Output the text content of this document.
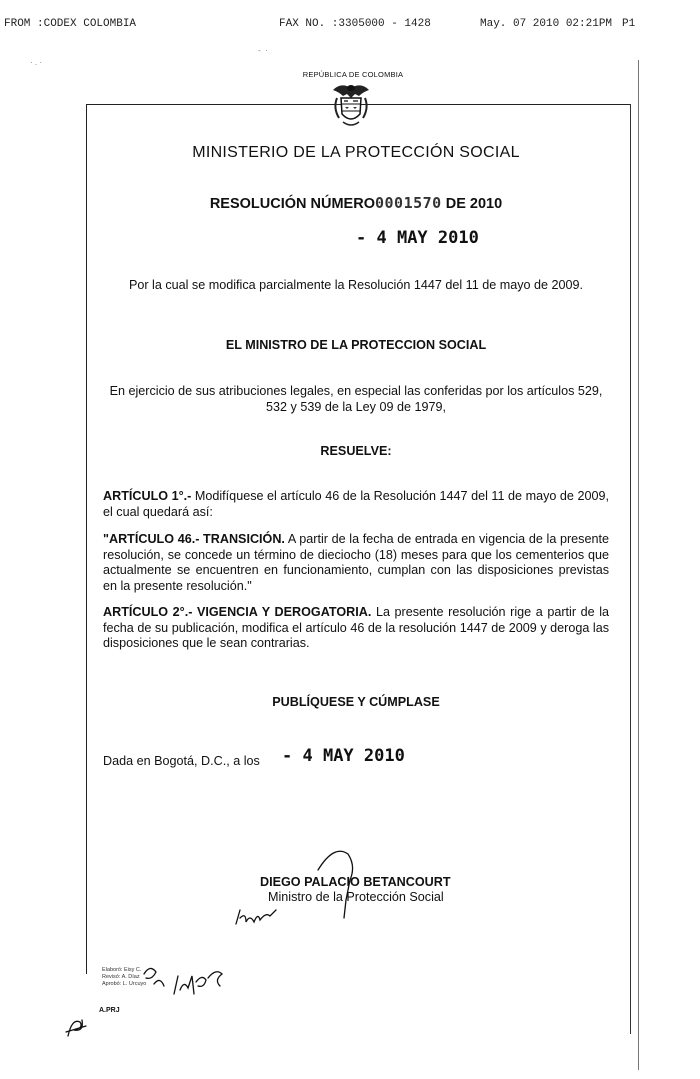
FROM :CODEX COLOMBIA	FAX NO. :3305000 - 1428	May. 07 2010 02:21PM P1
REPÚBLICA DE COLOMBIA
MINISTERIO DE LA PROTECCIÓN SOCIAL
RESOLUCIÓN NÚMERO0001570 DE 2010
- 4 MAY 2010
Por la cual se modifica parcialmente la Resolución 1447 del 11 de mayo de 2009.
EL MINISTRO DE LA PROTECCION SOCIAL
En ejercicio de sus atribuciones legales, en especial las conferidas por los artículos 529, 532 y 539 de la Ley 09 de 1979,
RESUELVE:
ARTÍCULO 1°.- Modifíquese el artículo 46 de la Resolución 1447 del 11 de mayo de 2009, el cual quedará así:
"ARTÍCULO 46.- TRANSICIÓN. A partir de la fecha de entrada en vigencia de la presente resolución, se concede un término de dieciocho (18) meses para que los cementerios que actualmente se encuentren en funcionamiento, cumplan con las disposiciones previstas en la presente resolución."
ARTÍCULO 2°.- VIGENCIA Y DEROGATORIA. La presente resolución rige a partir de la fecha de su publicación, modifica el artículo 46 de la resolución 1447 de 2009 y deroga las disposiciones que le sean contrarias.
PUBLÍQUESE Y CÚMPLASE
Dada en Bogotá, D.C., a los - 4 MAY 2010
DIEGO PALACIO BETANCOURT
Ministro de la Protección Social
Elaboró: Eisy C.
Revisó: A. Díaz
Aprobó: L. Urcuyo
A.PRJ
· . ·
-  ·
